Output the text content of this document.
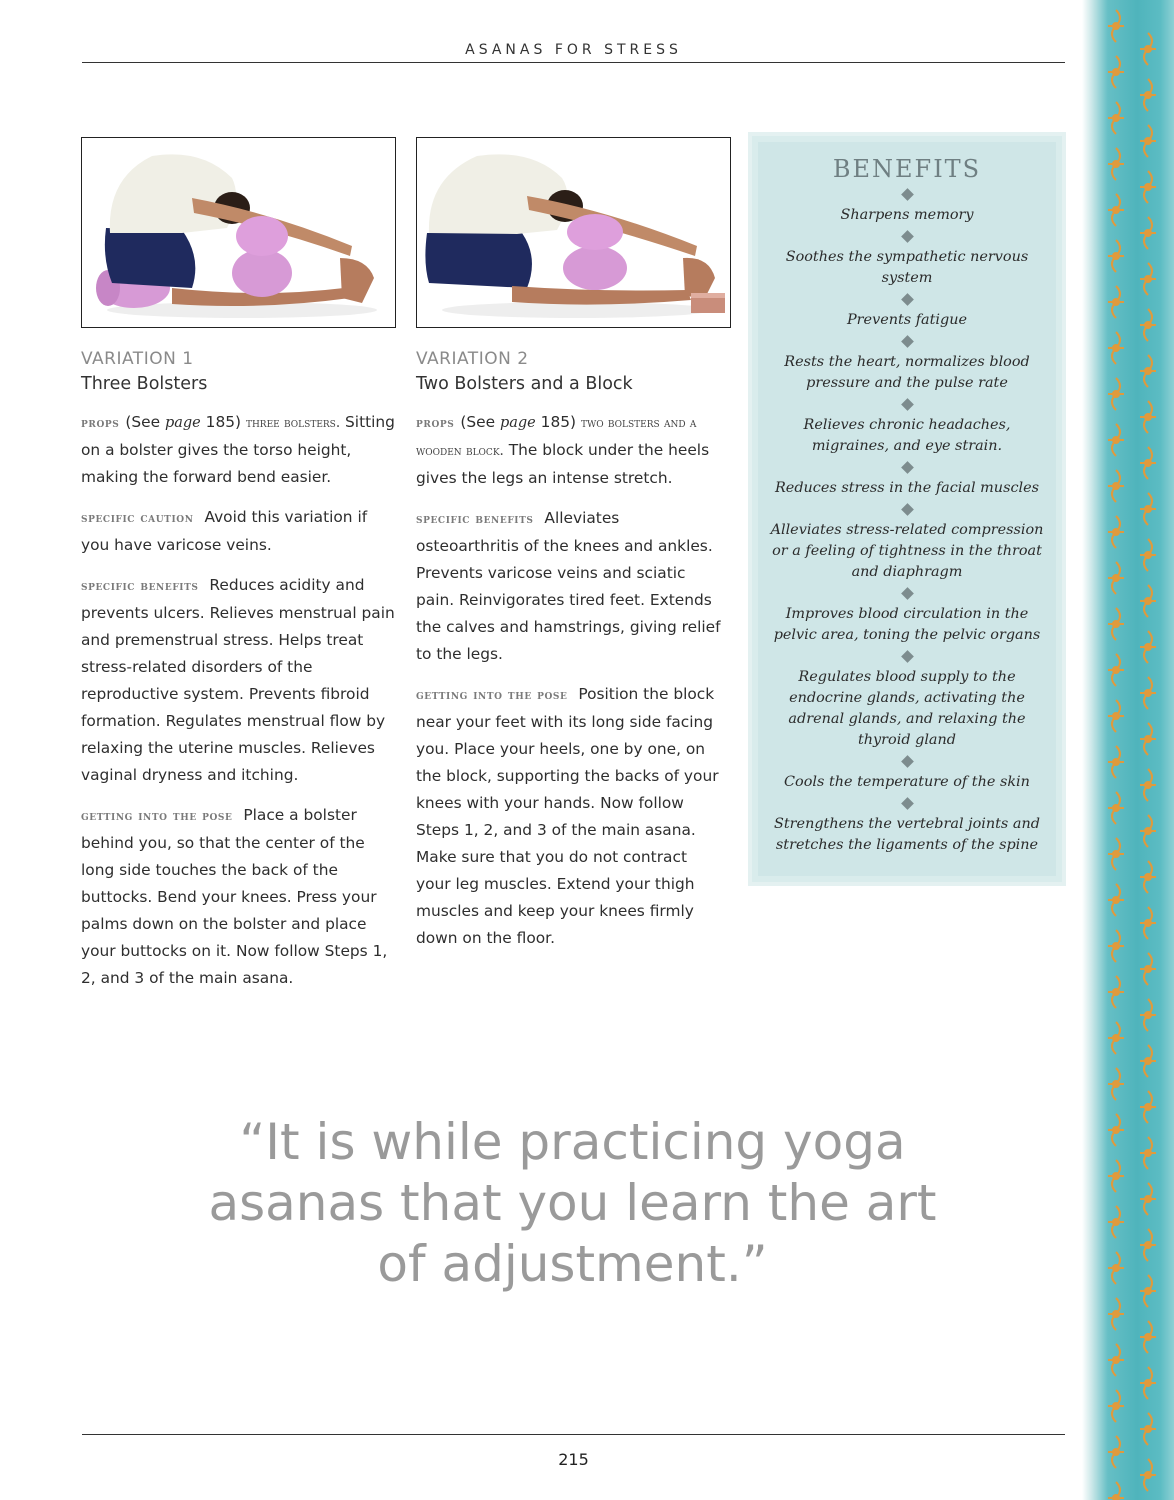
ASANAS FOR STRESS

VARIATION 1

Three Bolsters

props (See page 185) three bolsters. Sitting on a bolster gives the torso height, making the forward bend easier.

specific caution Avoid this variation if you have varicose veins.

specific benefits Reduces acidity and prevents ulcers. Relieves menstrual pain and premenstrual stress. Helps treat stress-related disorders of the reproductive system. Prevents fibroid formation. Regulates menstrual flow by relaxing the uterine muscles. Relieves vaginal dryness and itching.

getting into the pose Place a bolster behind you, so that the center of the long side touches the back of the buttocks. Bend your knees. Press your palms down on the bolster and place your buttocks on it. Now follow Steps 1, 2, and 3 of the main asana.

VARIATION 2

Two Bolsters and a Block

props (See page 185) two bolsters and a wooden block. The block under the heels gives the legs an intense stretch.

specific benefits Alleviates osteoarthritis of the knees and ankles. Prevents varicose veins and sciatic pain. Reinvigorates tired feet. Extends the calves and hamstrings, giving relief to the legs.

getting into the pose Position the block near your feet with its long side facing you. Place your heels, one by one, on the block, supporting the backs of your knees with your hands. Now follow Steps 1, 2, and 3 of the main asana. Make sure that you do not contract your leg muscles. Extend your thigh muscles and keep your knees firmly down on the floor.

BENEFITS

Sharpens memory
Soothes the sympathetic nervous system
Prevents fatigue
Rests the heart, normalizes blood pressure and the pulse rate
Relieves chronic headaches, migraines, and eye strain.
Reduces stress in the facial muscles
Alleviates stress-related compression or a feeling of tightness in the throat and diaphragm
Improves blood circulation in the pelvic area, toning the pelvic organs
Regulates blood supply to the endocrine glands, activating the adrenal glands, and relaxing the thyroid gland
Cools the temperature of the skin
Strengthens the vertebral joints and stretches the ligaments of the spine

“It is while practicing yoga asanas that you learn the art of adjustment.”

215
